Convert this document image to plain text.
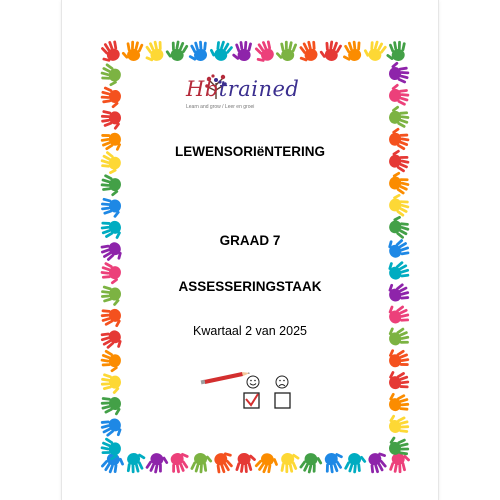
Hbtrained
Learn and grow / Leer en groei
LEWENSORIëNTERING
GRAAD 7
ASSESSERINGSTAAK
Kwartaal 2 van 2025
